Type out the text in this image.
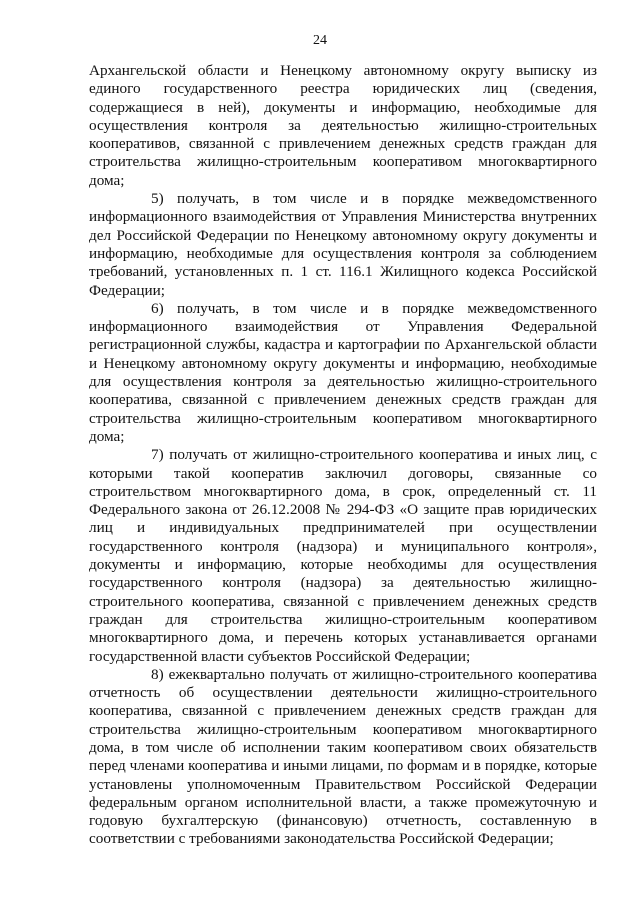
24

Архангельской области и Ненецкому автономному округу выписку из единого государственного реестра юридических лиц (сведения, содержащиеся в ней), документы и информацию, необходимые для осуществления контроля за деятельностью жилищно-строительных кооперативов, связанной с привлечением денежных средств граждан для строительства жилищно-строительным кооперативом многоквартирного дома;

5) получать, в том числе и в порядке межведомственного информационного взаимодействия от Управления Министерства внутренних дел Российской Федерации по Ненецкому автономному округу документы и информацию, необходимые для осуществления контроля за соблюдением требований, установленных п. 1 ст. 116.1 Жилищного кодекса Российской Федерации;

6) получать, в том числе и в порядке межведомственного информационного взаимодействия от Управления Федеральной регистрационной службы, кадастра и картографии по Архангельской области и Ненецкому автономному округу документы и информацию, необходимые для осуществления контроля за деятельностью жилищно-строительного кооператива, связанной с привлечением денежных средств граждан для строительства жилищно-строительным кооперативом многоквартирного дома;

7) получать от жилищно-строительного кооператива и иных лиц, с которыми такой кооператив заключил договоры, связанные со строительством многоквартирного дома, в срок, определенный ст. 11 Федерального закона от 26.12.2008 № 294-ФЗ «О защите прав юридических лиц и индивидуальных предпринимателей при осуществлении государственного контроля (надзора) и муниципального контроля», документы и информацию, которые необходимы для осуществления государственного контроля (надзора) за деятельностью жилищно-строительного кооператива, связанной с привлечением денежных средств граждан для строительства жилищно-строительным кооперативом многоквартирного дома, и перечень которых устанавливается органами государственной власти субъектов Российской Федерации;

8) ежеквартально получать от жилищно-строительного кооператива отчетность об осуществлении деятельности жилищно-строительного кооператива, связанной с привлечением денежных средств граждан для строительства жилищно-строительным кооперативом многоквартирного дома, в том числе об исполнении таким кооперативом своих обязательств перед членами кооператива и иными лицами, по формам и в порядке, которые установлены уполномоченным Правительством Российской Федерации федеральным органом исполнительной власти, а также промежуточную и годовую бухгалтерскую (финансовую) отчетность, составленную в соответствии с требованиями законодательства Российской Федерации;
